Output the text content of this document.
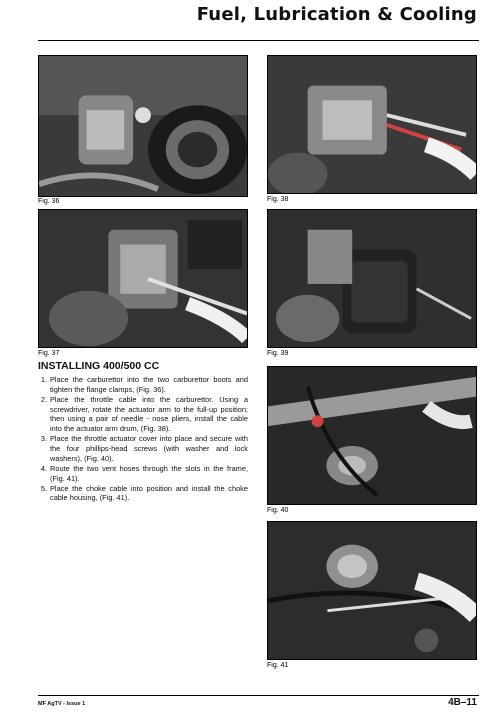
Fuel, Lubrication & Cooling
Fig. 36
Fig. 37
Fig. 38
Fig. 39
Fig. 40
Fig. 41
INSTALLING 400/500 CC
1. Place the carburettor into the two carburettor boots and tighten the flange clamps, (Fig. 36).
2. Place the throttle cable into the carburettor. Using a screwdriver, rotate the actuator arm to the full-up position; then using a pair of needle - nose pliers, install the cable into the actuator arm drum, (Fig. 38).
3. Place the throttle actuator cover into place and secure with the four phillips-head screws (with washer and lock washers), (Fig. 40).
4. Route the two vent hoses through the slots in the frame, (Fig. 41).
5. Place the choke cable into position and install the choke cable housing, (Fig. 41).
MF AgTV - Issue 1	4B–11
